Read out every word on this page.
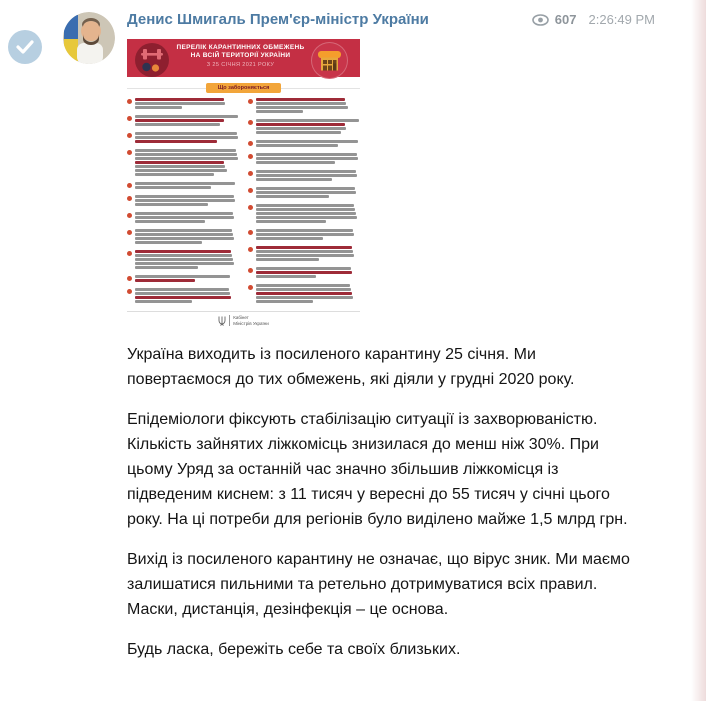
Денис Шмигаль Прем'єр-міністр України	607 2:26:49 PM
ПЕРЕЛІК КАРАНТИННИХ ОБМЕЖЕНЬ
НА ВСІЙ ТЕРИТОРІЇ УКРАЇНИ
З 25 СІЧНЯ 2021 РОКУ
Що забороняється
Кабінет
Міністрів України

Україна виходить із посиленого карантину 25 січня. Ми повертаємося до тих обмежень, які діяли у грудні 2020 року.

Епідеміологи фіксують стабілізацію ситуації із захворюваністю. Кількість зайнятих ліжкомісць знизилася до менш ніж 30%. При цьому Уряд за останній час значно збільшив ліжкомісця із підведеним киснем: з 11 тисяч у вересні до 55 тисяч у січні цього року. На ці потреби для регіонів було виділено майже 1,5 млрд грн.

Вихід із посиленого карантину не означає, що вірус зник. Ми маємо залишатися пильними та ретельно дотримуватися всіх правил. Маски, дистанція, дезінфекція – це основа.

Будь ласка, бережіть себе та своїх близьких.
